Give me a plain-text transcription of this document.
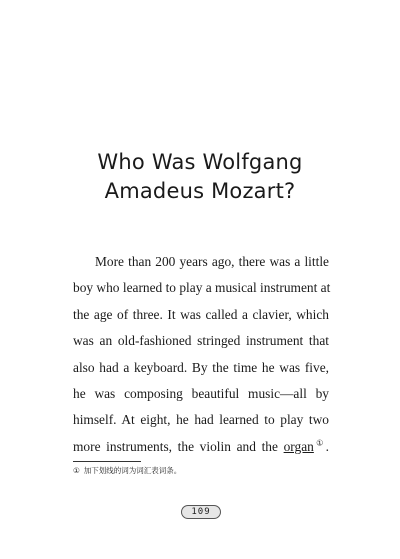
Who Was Wolfgang
Amadeus Mozart?
More than 200 years ago, there was a little
boy who learned to play a musical instrument at
the age of three. It was called a clavier, which
was an old-fashioned stringed instrument that
also had a keyboard. By the time he was five,
he was composing beautiful music—all by
himself. At eight, he had learned to play two
more instruments, the violin and the organ①.
① 加下划线的词为词汇表词条。
109
